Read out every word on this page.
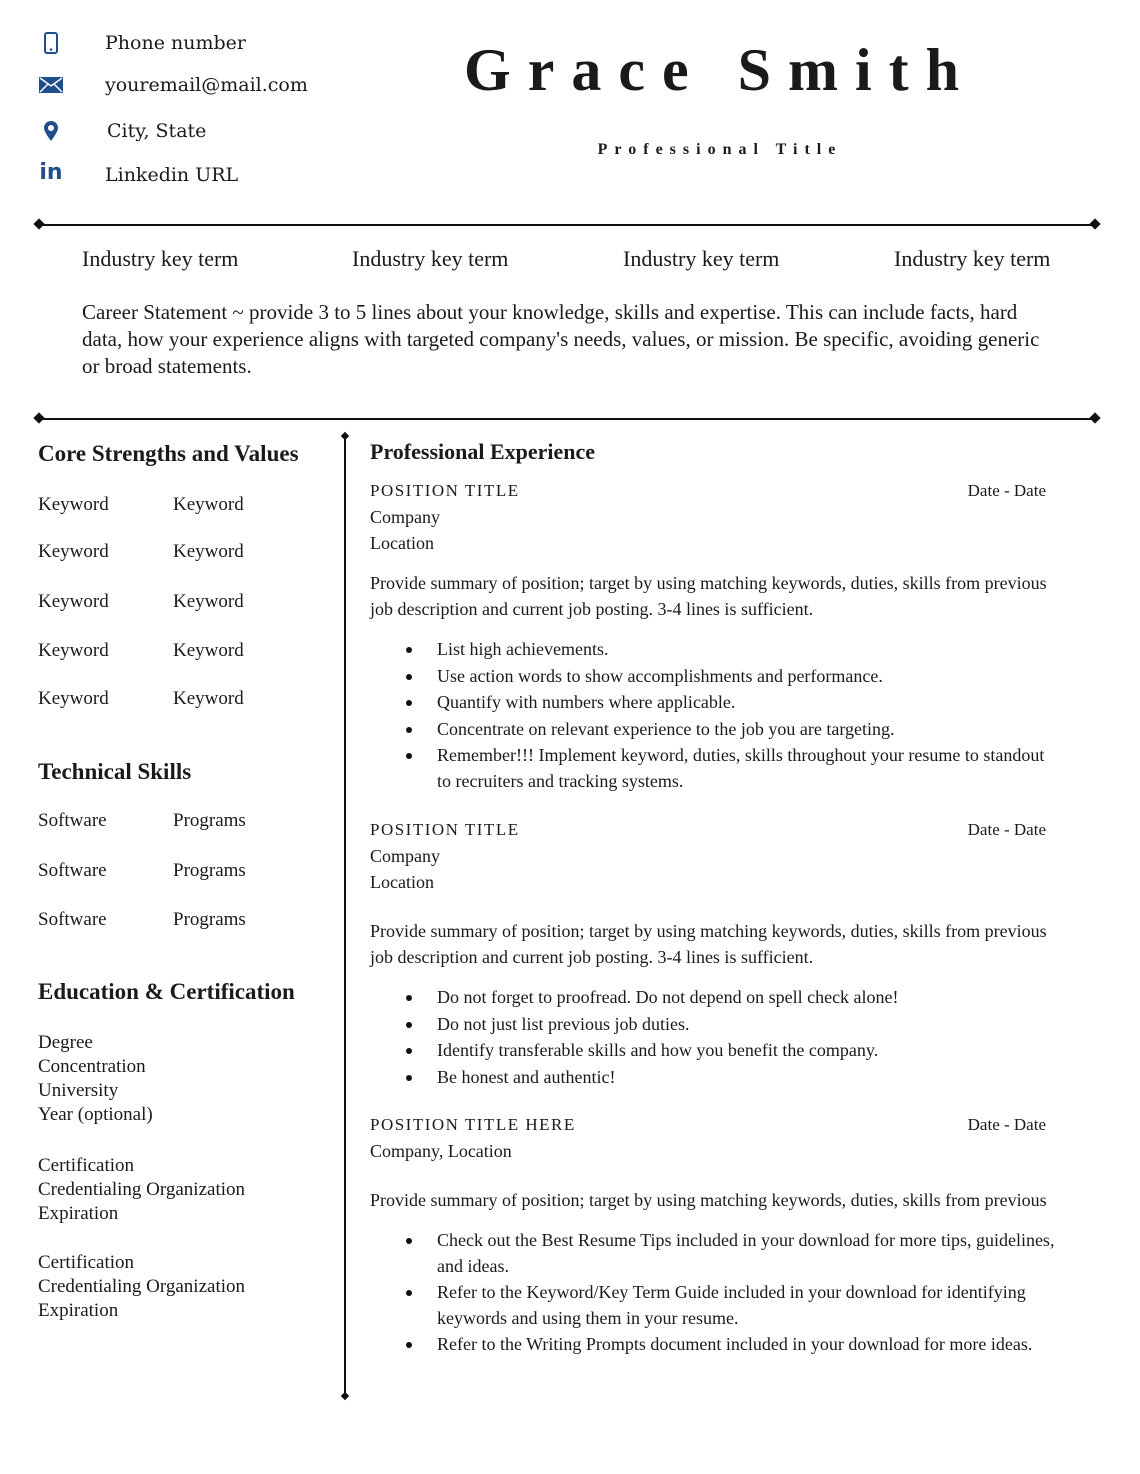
Phone number
youremail@mail.com
City, State
in Linkedin URL
Grace Smith
Professional Title
Industry key term	Industry key term	Industry key term	Industry key term
Career Statement ~ provide 3 to 5 lines about your knowledge, skills and expertise. This can include facts, hard data, how your experience aligns with targeted company's needs, values, or mission. Be specific, avoiding generic or broad statements.
Core Strengths and Values
Keyword	Keyword
Keyword	Keyword
Keyword	Keyword
Keyword	Keyword
Keyword	Keyword
Technical Skills
Software	Programs
Software	Programs
Software	Programs
Education & Certification
Degree
Concentration
University
Year (optional)
Certification
Credentialing Organization
Expiration
Certification
Credentialing Organization
Expiration
Professional Experience
POSITION TITLE	Date - Date
Company
Location
Provide summary of position; target by using matching keywords, duties, skills from previous job description and current job posting. 3-4 lines is sufficient.
List high achievements.
Use action words to show accomplishments and performance.
Quantify with numbers where applicable.
Concentrate on relevant experience to the job you are targeting.
Remember!!! Implement keyword, duties, skills throughout your resume to standout to recruiters and tracking systems.
POSITION TITLE	Date - Date
Company
Location
Provide summary of position; target by using matching keywords, duties, skills from previous job description and current job posting. 3-4 lines is sufficient.
Do not forget to proofread. Do not depend on spell check alone!
Do not just list previous job duties.
Identify transferable skills and how you benefit the company.
Be honest and authentic!
POSITION TITLE HERE	Date - Date
Company, Location
Provide summary of position; target by using matching keywords, duties, skills from previous
Check out the Best Resume Tips included in your download for more tips, guidelines, and ideas.
Refer to the Keyword/Key Term Guide included in your download for identifying keywords and using them in your resume.
Refer to the Writing Prompts document included in your download for more ideas.
